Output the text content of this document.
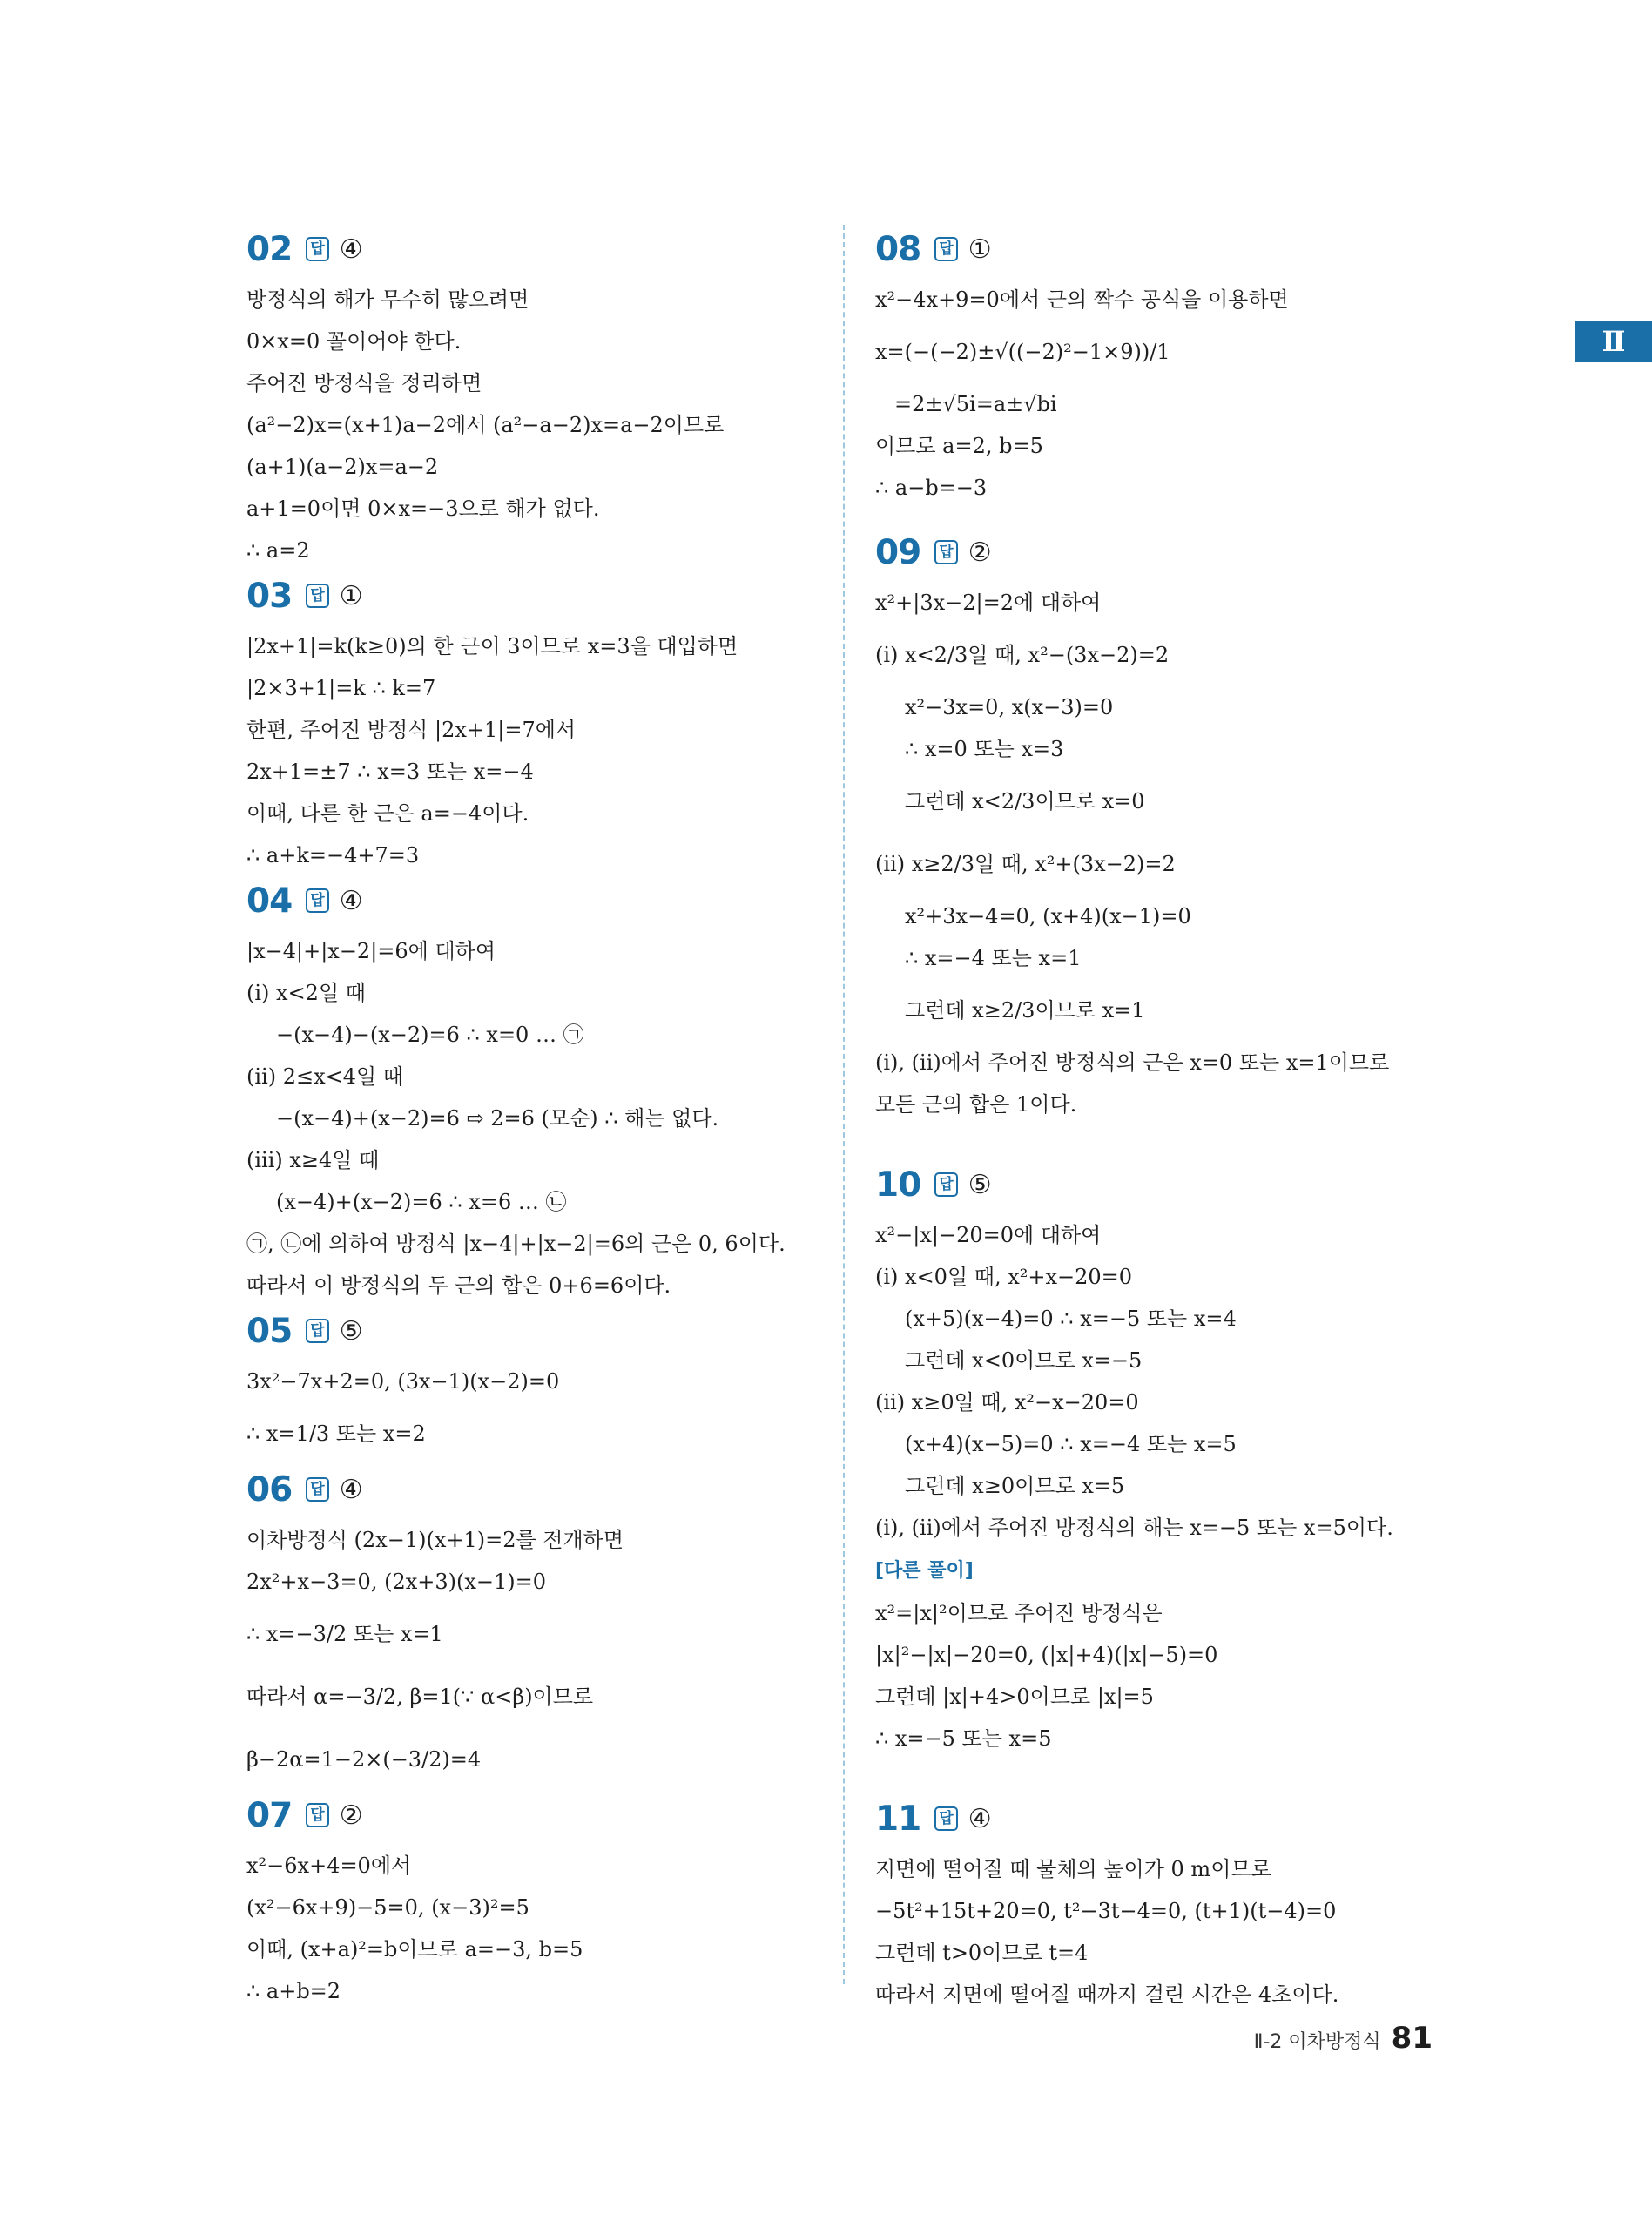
Ⅱ
02 답 ④
방정식의 해가 무수히 많으려면
0×x=0 꼴이어야 한다.
주어진 방정식을 정리하면
(a²−2)x=(x+1)a−2에서 (a²−a−2)x=a−2이므로
(a+1)(a−2)x=a−2
a+1=0이면 0×x=−3으로 해가 없다.
∴ a=2
03 답 ①
|2x+1|=k(k≥0)의 한 근이 3이므로 x=3을 대입하면
|2×3+1|=k ∴ k=7
한편, 주어진 방정식 |2x+1|=7에서
2x+1=±7 ∴ x=3 또는 x=−4
이때, 다른 한 근은 a=−4이다.
∴ a+k=−4+7=3
04 답 ④
|x−4|+|x−2|=6에 대하여
(ⅰ) x<2일 때
−(x−4)−(x−2)=6 ∴ x=0 … ㉠
(ⅱ) 2≤x<4일 때
−(x−4)+(x−2)=6 ⇨ 2=6 (모순) ∴ 해는 없다.
(ⅲ) x≥4일 때
(x−4)+(x−2)=6 ∴ x=6 … ㉡
㉠, ㉡에 의하여 방정식 |x−4|+|x−2|=6의 근은 0, 6이다.
따라서 이 방정식의 두 근의 합은 0+6=6이다.
05 답 ⑤
3x²−7x+2=0, (3x−1)(x−2)=0
∴ x=1/3 또는 x=2
06 답 ④
이차방정식 (2x−1)(x+1)=2를 전개하면
2x²+x−3=0, (2x+3)(x−1)=0
∴ x=−3/2 또는 x=1
따라서 α=−3/2, β=1(∵ α<β)이므로
β−2α=1−2×(−3/2)=4
07 답 ②
x²−6x+4=0에서
(x²−6x+9)−5=0, (x−3)²=5
이때, (x+a)²=b이므로 a=−3, b=5
∴ a+b=2
08 답 ①
x²−4x+9=0에서 근의 짝수 공식을 이용하면
x=(−(−2)±√((−2)²−1×9))/1
=2±√5i=a±√bi
이므로 a=2, b=5
∴ a−b=−3
09 답 ②
x²+|3x−2|=2에 대하여
(ⅰ) x<2/3일 때, x²−(3x−2)=2
x²−3x=0, x(x−3)=0
∴ x=0 또는 x=3
그런데 x<2/3이므로 x=0
(ⅱ) x≥2/3일 때, x²+(3x−2)=2
x²+3x−4=0, (x+4)(x−1)=0
∴ x=−4 또는 x=1
그런데 x≥2/3이므로 x=1
(ⅰ), (ⅱ)에서 주어진 방정식의 근은 x=0 또는 x=1이므로
모든 근의 합은 1이다.
10 답 ⑤
x²−|x|−20=0에 대하여
(ⅰ) x<0일 때, x²+x−20=0
(x+5)(x−4)=0 ∴ x=−5 또는 x=4
그런데 x<0이므로 x=−5
(ⅱ) x≥0일 때, x²−x−20=0
(x+4)(x−5)=0 ∴ x=−4 또는 x=5
그런데 x≥0이므로 x=5
(ⅰ), (ⅱ)에서 주어진 방정식의 해는 x=−5 또는 x=5이다.
[다른 풀이]
x²=|x|²이므로 주어진 방정식은
|x|²−|x|−20=0, (|x|+4)(|x|−5)=0
그런데 |x|+4>0이므로 |x|=5
∴ x=−5 또는 x=5
11 답 ④
지면에 떨어질 때 물체의 높이가 0 m이므로
−5t²+15t+20=0, t²−3t−4=0, (t+1)(t−4)=0
그런데 t>0이므로 t=4
따라서 지면에 떨어질 때까지 걸린 시간은 4초이다.
Ⅱ-2 이차방정식 81
